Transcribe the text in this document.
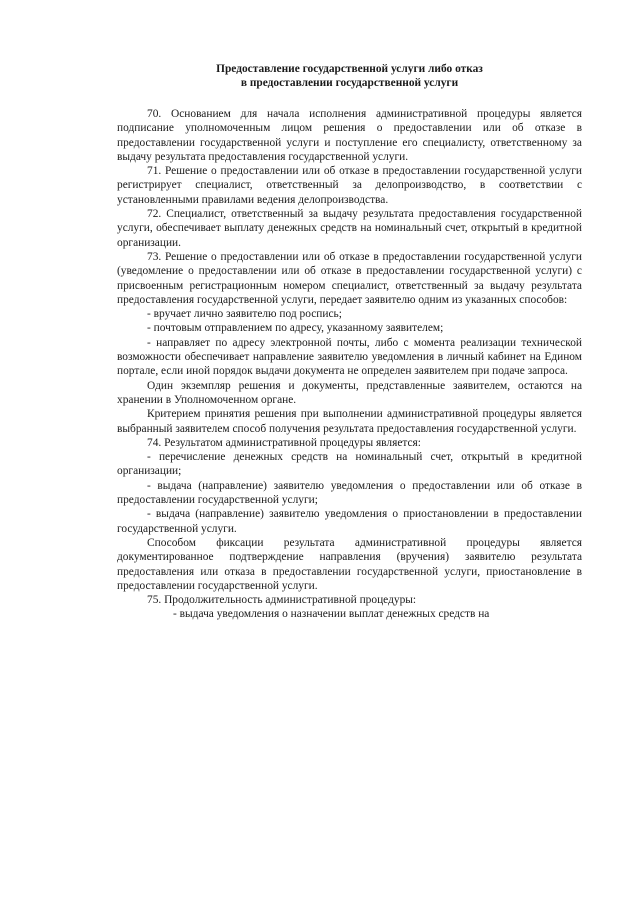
Предоставление государственной услуги либо отказ
в предоставлении государственной услуги

70. Основанием для начала исполнения административной процедуры является подписание уполномоченным лицом решения о предоставлении или об отказе в предоставлении государственной услуги и поступление его специалисту, ответственному за выдачу результата предоставления государственной услуги.

71. Решение о предоставлении или об отказе в предоставлении государственной услуги регистрирует специалист, ответственный за делопроизводство, в соответствии с установленными правилами ведения делопроизводства.

72. Специалист, ответственный за выдачу результата предоставления государственной услуги, обеспечивает выплату денежных средств на номинальный счет, открытый в кредитной организации.

73. Решение о предоставлении или об отказе в предоставлении государственной услуги (уведомление о предоставлении или об отказе в предоставлении государственной услуги) с присвоенным регистрационным номером специалист, ответственный за выдачу результата предоставления государственной услуги, передает заявителю одним из указанных способов:

- вручает лично заявителю под роспись;

- почтовым отправлением по адресу, указанному заявителем;

- направляет по адресу электронной почты, либо с момента реализации технической возможности обеспечивает направление заявителю уведомления в личный кабинет на Едином портале, если иной порядок выдачи документа не определен заявителем при подаче запроса.

Один экземпляр решения и документы, представленные заявителем, остаются на хранении в Уполномоченном органе.

Критерием принятия решения при выполнении административной процедуры является выбранный заявителем способ получения результата предоставления государственной услуги.

74. Результатом административной процедуры является:

- перечисление денежных средств на номинальный счет, открытый в кредитной организации;

- выдача (направление) заявителю уведомления о предоставлении или об отказе в предоставлении государственной услуги;

- выдача (направление) заявителю уведомления о приостановлении в предоставлении государственной услуги.

Способом фиксации результата административной процедуры является документированное подтверждение направления (вручения) заявителю результата предоставления или отказа в предоставлении государственной услуги, приостановление в предоставлении государственной услуги.

75. Продолжительность административной процедуры:

- выдача уведомления о назначении выплат денежных средств на
